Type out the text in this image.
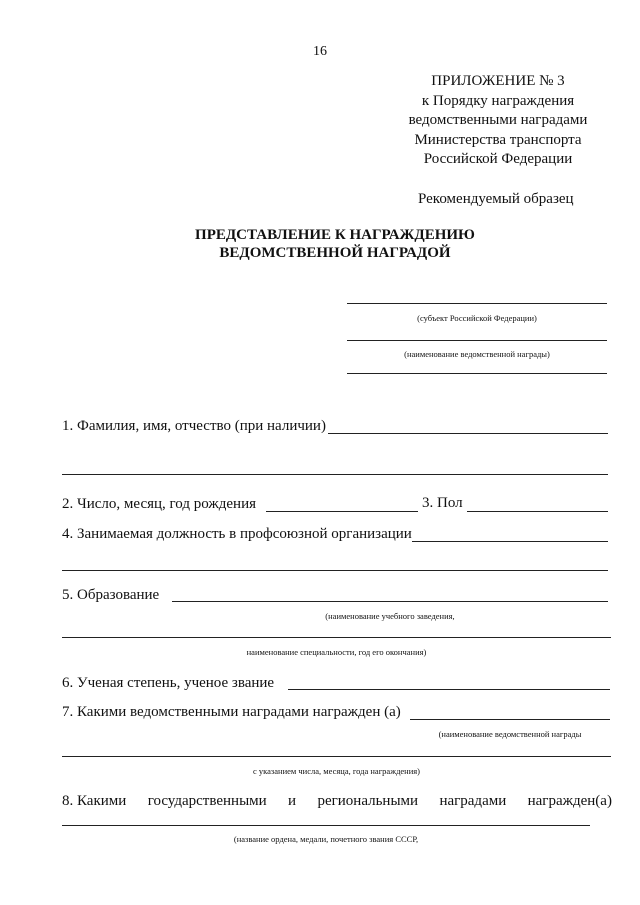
16
ПРИЛОЖЕНИЕ № 3
к Порядку награждения
ведомственными наградами
Министерства транспорта
Российской Федерации
Рекомендуемый образец
ПРЕДСТАВЛЕНИЕ К НАГРАЖДЕНИЮ
ВЕДОМСТВЕННОЙ НАГРАДОЙ
(субъект Российской Федерации)
(наименование ведомственной награды)
1. Фамилия, имя, отчество (при наличии)
2. Число, месяц, год рождения	3. Пол
4. Занимаемая должность в профсоюзной организации
5. Образование
(наименование учебного заведения,
наименование специальности, год его окончания)
6. Ученая степень, ученое звание
7. Какими ведомственными наградами награжден (а)
(наименование ведомственной награды
с указанием числа, месяца, года награждения)
8. Какими государственными и региональными наградами награжден(а)
(название ордена, медали, почетного звания СССР,
